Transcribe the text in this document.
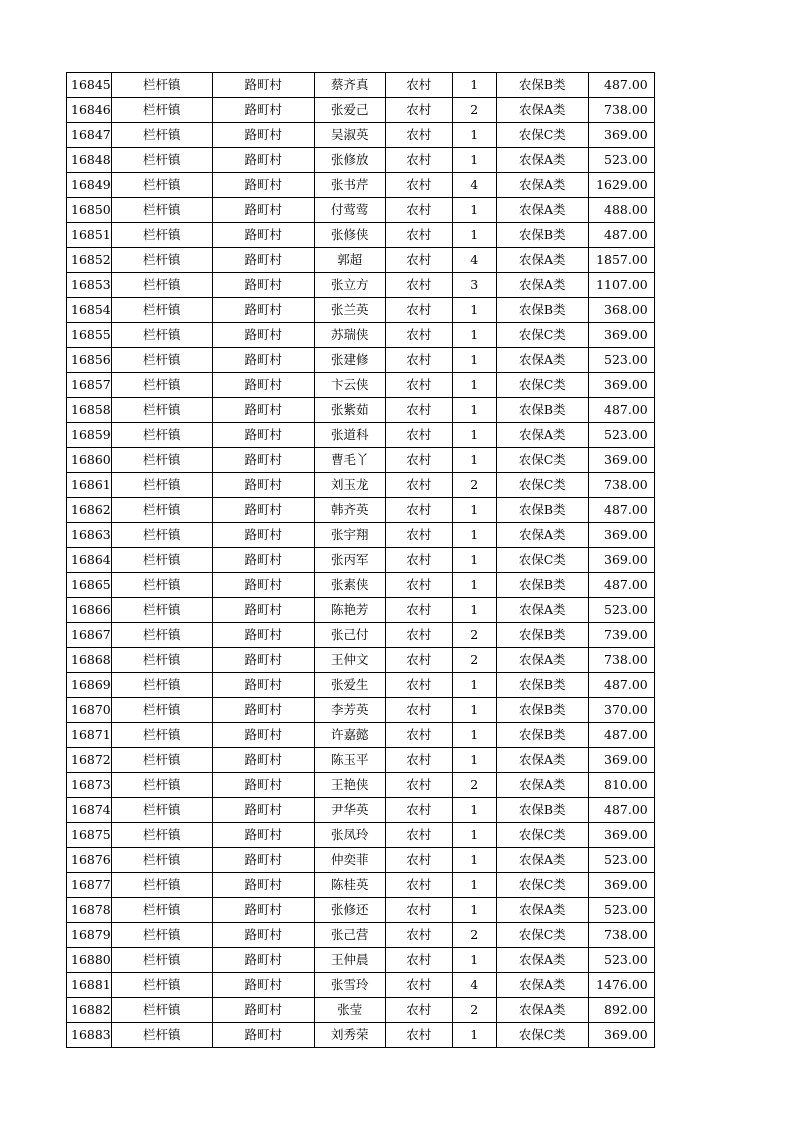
16845	栏杆镇	路町村	蔡齐真	农村	1	农保B类	487.00
16846	栏杆镇	路町村	张爱己	农村	2	农保A类	738.00
16847	栏杆镇	路町村	吴淑英	农村	1	农保C类	369.00
16848	栏杆镇	路町村	张修放	农村	1	农保A类	523.00
16849	栏杆镇	路町村	张书芹	农村	4	农保A类	1629.00
16850	栏杆镇	路町村	付莺莺	农村	1	农保A类	488.00
16851	栏杆镇	路町村	张修侠	农村	1	农保B类	487.00
16852	栏杆镇	路町村	郭超	农村	4	农保A类	1857.00
16853	栏杆镇	路町村	张立方	农村	3	农保A类	1107.00
16854	栏杆镇	路町村	张兰英	农村	1	农保B类	368.00
16855	栏杆镇	路町村	苏瑞侠	农村	1	农保C类	369.00
16856	栏杆镇	路町村	张建修	农村	1	农保A类	523.00
16857	栏杆镇	路町村	卞云侠	农村	1	农保C类	369.00
16858	栏杆镇	路町村	张紫茹	农村	1	农保B类	487.00
16859	栏杆镇	路町村	张道科	农村	1	农保A类	523.00
16860	栏杆镇	路町村	曹毛丫	农村	1	农保C类	369.00
16861	栏杆镇	路町村	刘玉龙	农村	2	农保C类	738.00
16862	栏杆镇	路町村	韩齐英	农村	1	农保B类	487.00
16863	栏杆镇	路町村	张宇翔	农村	1	农保A类	369.00
16864	栏杆镇	路町村	张丙军	农村	1	农保C类	369.00
16865	栏杆镇	路町村	张素侠	农村	1	农保B类	487.00
16866	栏杆镇	路町村	陈艳芳	农村	1	农保A类	523.00
16867	栏杆镇	路町村	张己付	农村	2	农保B类	739.00
16868	栏杆镇	路町村	王仲文	农村	2	农保A类	738.00
16869	栏杆镇	路町村	张爱生	农村	1	农保B类	487.00
16870	栏杆镇	路町村	李芳英	农村	1	农保B类	370.00
16871	栏杆镇	路町村	许嘉懿	农村	1	农保B类	487.00
16872	栏杆镇	路町村	陈玉平	农村	1	农保A类	369.00
16873	栏杆镇	路町村	王艳侠	农村	2	农保A类	810.00
16874	栏杆镇	路町村	尹华英	农村	1	农保B类	487.00
16875	栏杆镇	路町村	张凤玲	农村	1	农保C类	369.00
16876	栏杆镇	路町村	仲奕菲	农村	1	农保A类	523.00
16877	栏杆镇	路町村	陈桂英	农村	1	农保C类	369.00
16878	栏杆镇	路町村	张修还	农村	1	农保A类	523.00
16879	栏杆镇	路町村	张己营	农村	2	农保C类	738.00
16880	栏杆镇	路町村	王仲晨	农村	1	农保A类	523.00
16881	栏杆镇	路町村	张雪玲	农村	4	农保A类	1476.00
16882	栏杆镇	路町村	张莹	农村	2	农保A类	892.00
16883	栏杆镇	路町村	刘秀荣	农村	1	农保C类	369.00
